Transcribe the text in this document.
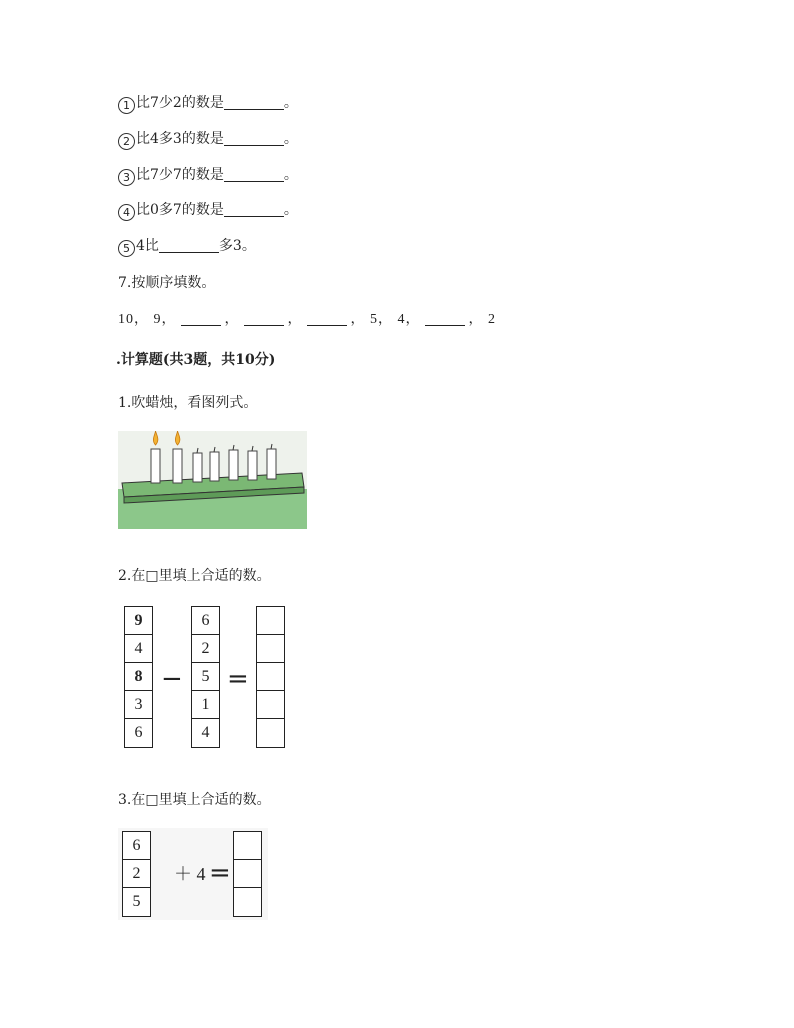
1 比7少2的数是	。
2 比4多3的数是	。
3 比7少7的数是	。
4 比0多7的数是	。
5 4比	多3。
7.按顺序填数。
10， 9，	，	，	， 5， 4，	， 2
.计算题(共3题，共10分)
1.吹蜡烛，看图列式。
2.在□里填上合适的数。
9
4
8
3
6
−
6
2
5
1
4
=
3.在□里填上合适的数。
6
2
5
＋ 4 =
